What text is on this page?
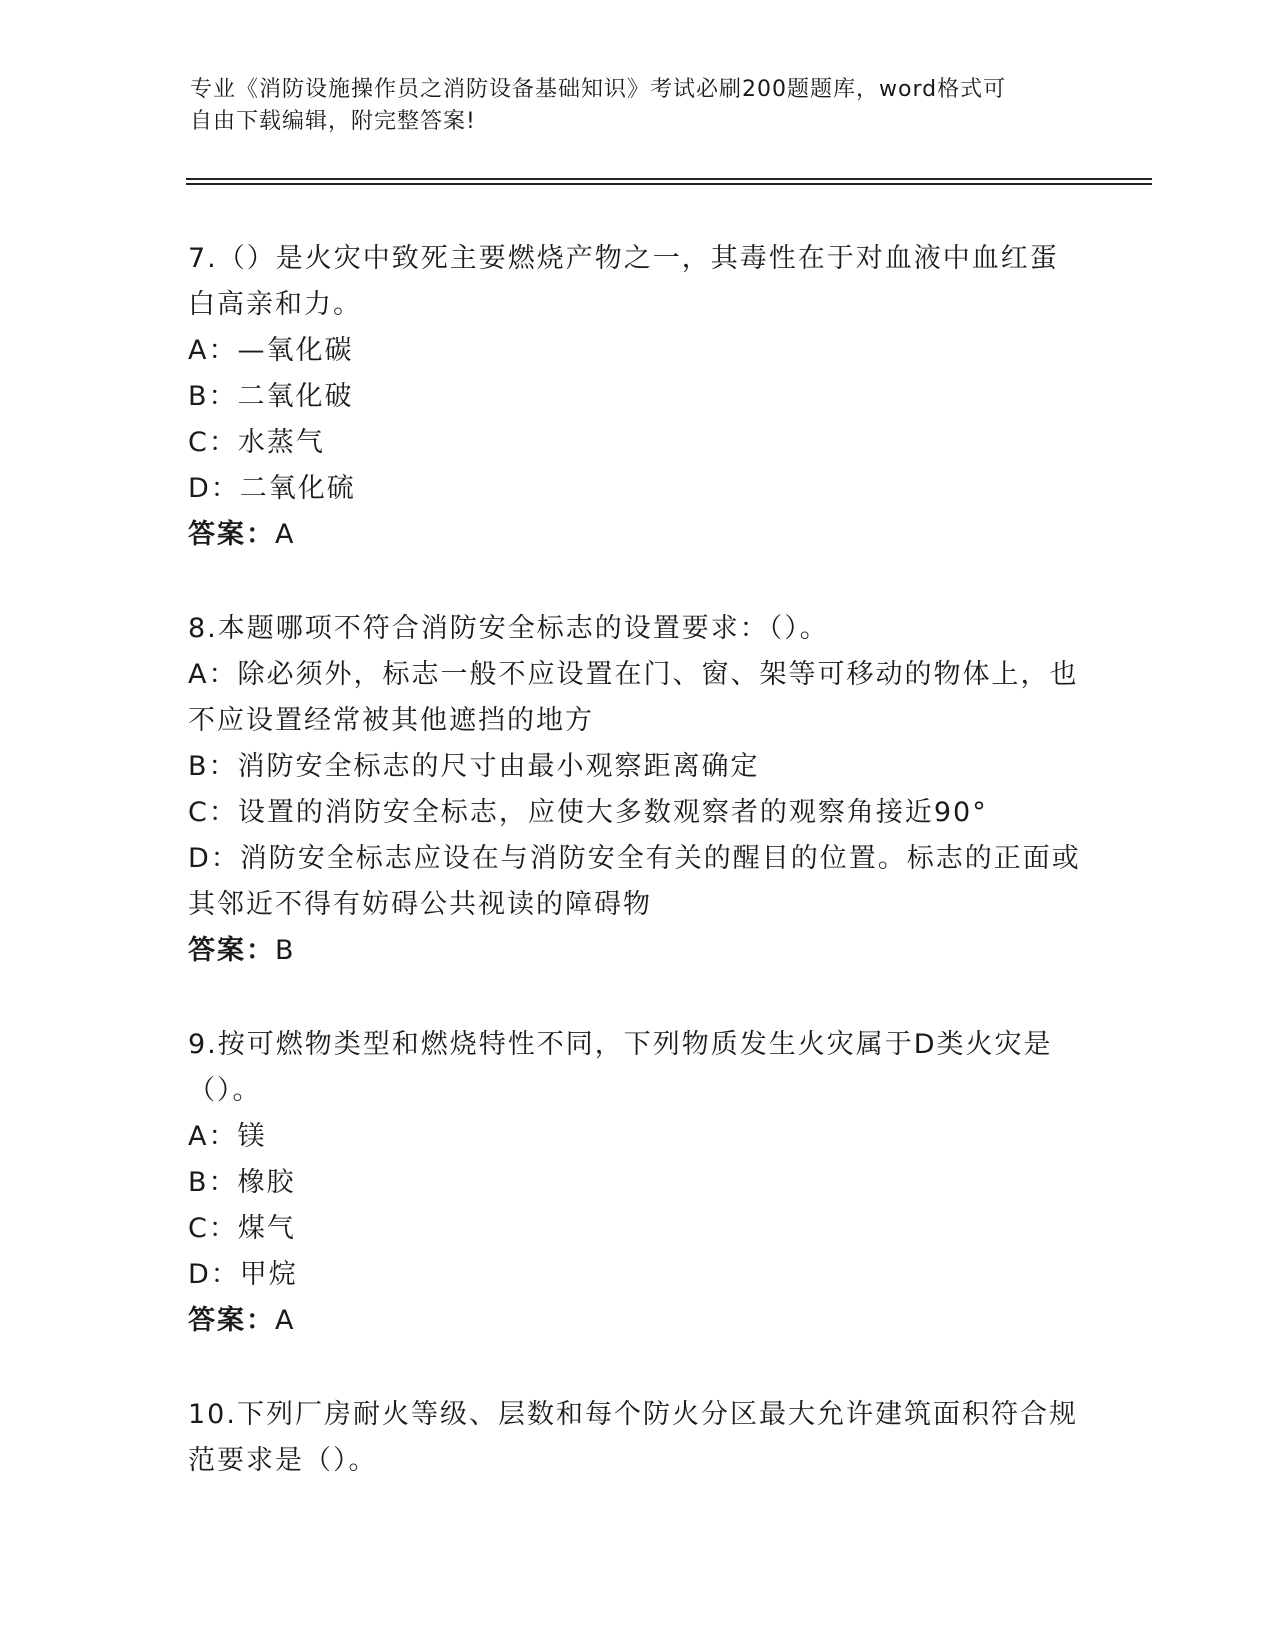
专业《消防设施操作员之消防设备基础知识》考试必刷200题题库，word格式可
自由下载编辑，附完整答案!
7.（）是火灾中致死主要燃烧产物之一，其毒性在于对血液中血红蛋
白高亲和力。
A：—氧化碳
B：二氧化破
C：水蒸气
D：二氧化硫
答案：A
8.本题哪项不符合消防安全标志的设置要求：（）。
A：除必须外，标志一般不应设置在门、窗、架等可移动的物体上，也
不应设置经常被其他遮挡的地方
B：消防安全标志的尺寸由最小观察距离确定
C：设置的消防安全标志，应使大多数观察者的观察角接近90°
D：消防安全标志应设在与消防安全有关的醒目的位置。标志的正面或
其邻近不得有妨碍公共视读的障碍物
答案：B
9.按可燃物类型和燃烧特性不同，下列物质发生火灾属于D类火灾是
（）。
A：镁
B：橡胶
C：煤气
D：甲烷
答案：A
10.下列厂房耐火等级、层数和每个防火分区最大允许建筑面积符合规
范要求是（）。
